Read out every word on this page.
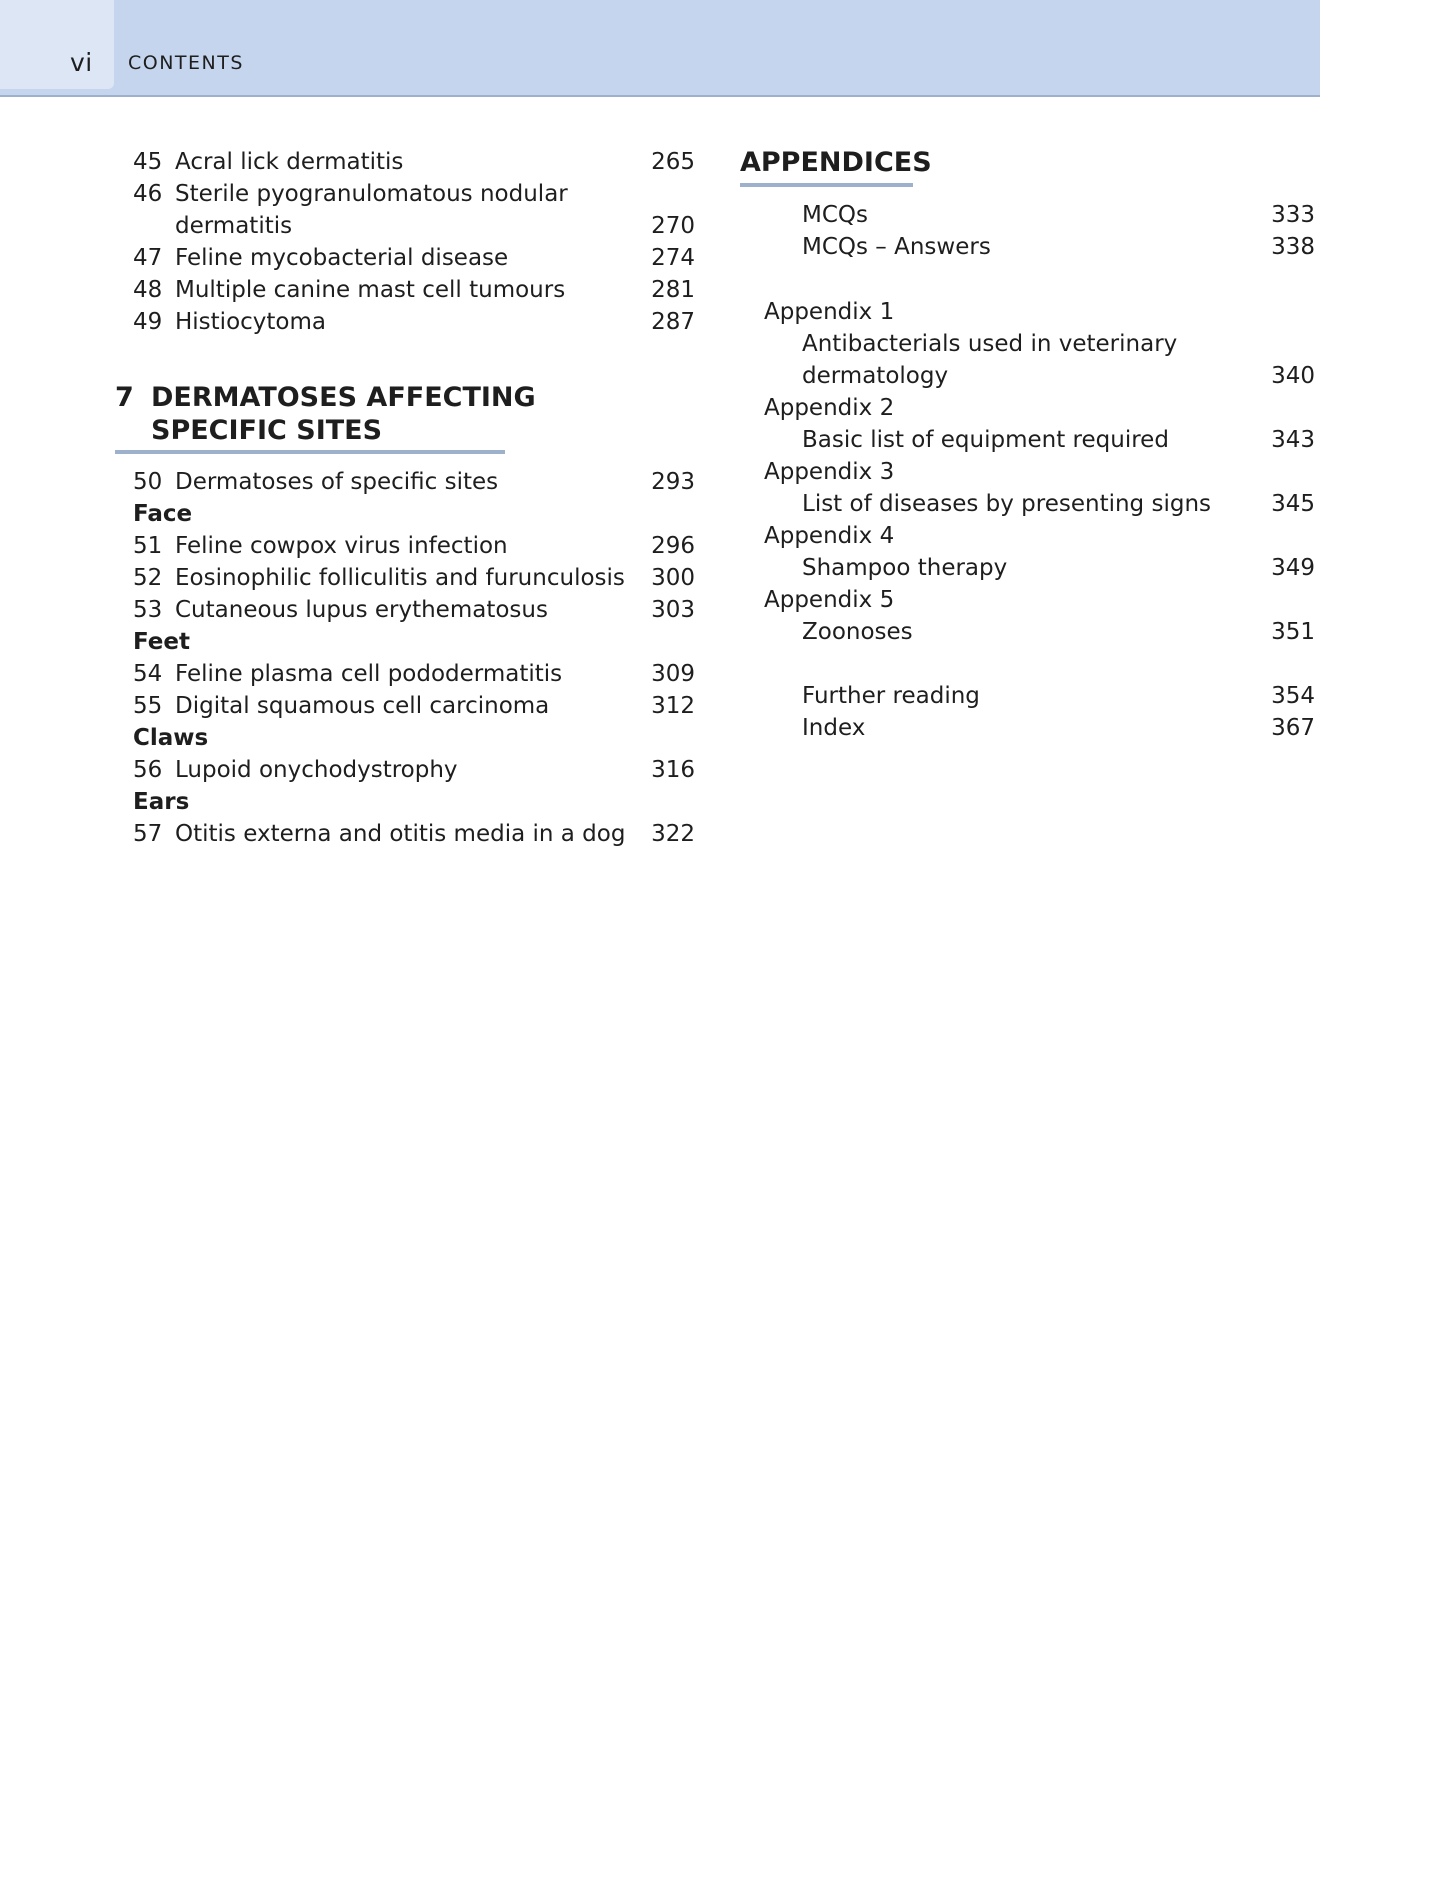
vi CONTENTS
45 Acral lick dermatitis	265
46 Sterile pyogranulomatous nodular
dermatitis	270
47 Feline mycobacterial disease	274
48 Multiple canine mast cell tumours	281
49 Histiocytoma	287
7 DERMATOSES AFFECTING
SPECIFIC SITES
50 Dermatoses of specific sites	293
Face
51 Feline cowpox virus infection	296
52 Eosinophilic folliculitis and furunculosis 300
53 Cutaneous lupus erythematosus	303
Feet
54 Feline plasma cell pododermatitis	309
55 Digital squamous cell carcinoma	312
Claws
56 Lupoid onychodystrophy	316
Ears
57 Otitis externa and otitis media in a dog 322
APPENDICES
MCQs	333
MCQs – Answers	338
Appendix 1
Antibacterials used in veterinary
dermatology	340
Appendix 2
Basic list of equipment required	343
Appendix 3
List of diseases by presenting signs	345
Appendix 4
Shampoo therapy	349
Appendix 5
Zoonoses	351
Further reading	354
Index	367
